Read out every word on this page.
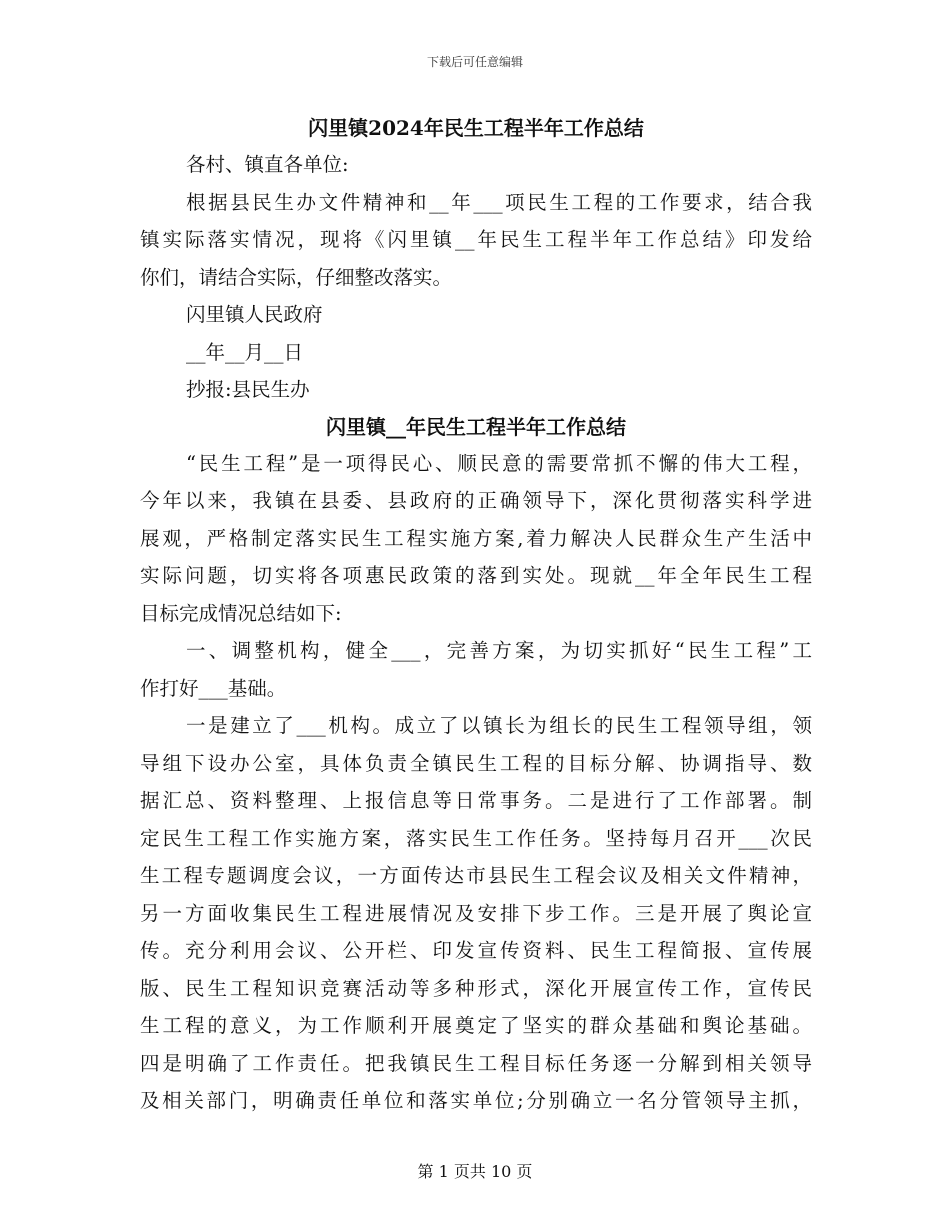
下载后可任意编辑
闪里镇2024年民生工程半年工作总结
各村、镇直各单位:
根据县民生办文件精神和__年___项民生工程的工作要求，结合我
镇实际落实情况，现将《闪里镇__年民生工程半年工作总结》印发给
你们，请结合实际，仔细整改落实。
闪里镇人民政府
__年__月__日
抄报:县民生办
闪里镇__年民生工程半年工作总结
“民生工程”是一项得民心、顺民意的需要常抓不懈的伟大工程，
今年以来，我镇在县委、县政府的正确领导下，深化贯彻落实科学进
展观，严格制定落实民生工程实施方案,着力解决人民群众生产生活中
实际问题，切实将各项惠民政策的落到实处。现就__年全年民生工程
目标完成情况总结如下:
一、调整机构，健全___，完善方案，为切实抓好“民生工程”工
作打好___基础。
一是建立了___机构。成立了以镇长为组长的民生工程领导组，领
导组下设办公室，具体负责全镇民生工程的目标分解、协调指导、数
据汇总、资料整理、上报信息等日常事务。二是进行了工作部署。制
定民生工程工作实施方案，落实民生工作任务。坚持每月召开___次民
生工程专题调度会议，一方面传达市县民生工程会议及相关文件精神，
另一方面收集民生工程进展情况及安排下步工作。三是开展了舆论宣
传。充分利用会议、公开栏、印发宣传资料、民生工程简报、宣传展
版、民生工程知识竞赛活动等多种形式，深化开展宣传工作，宣传民
生工程的意义，为工作顺利开展奠定了坚实的群众基础和舆论基础。
四是明确了工作责任。把我镇民生工程目标任务逐一分解到相关领导
及相关部门，明确责任单位和落实单位;分别确立一名分管领导主抓，
第 1 页共 10 页
